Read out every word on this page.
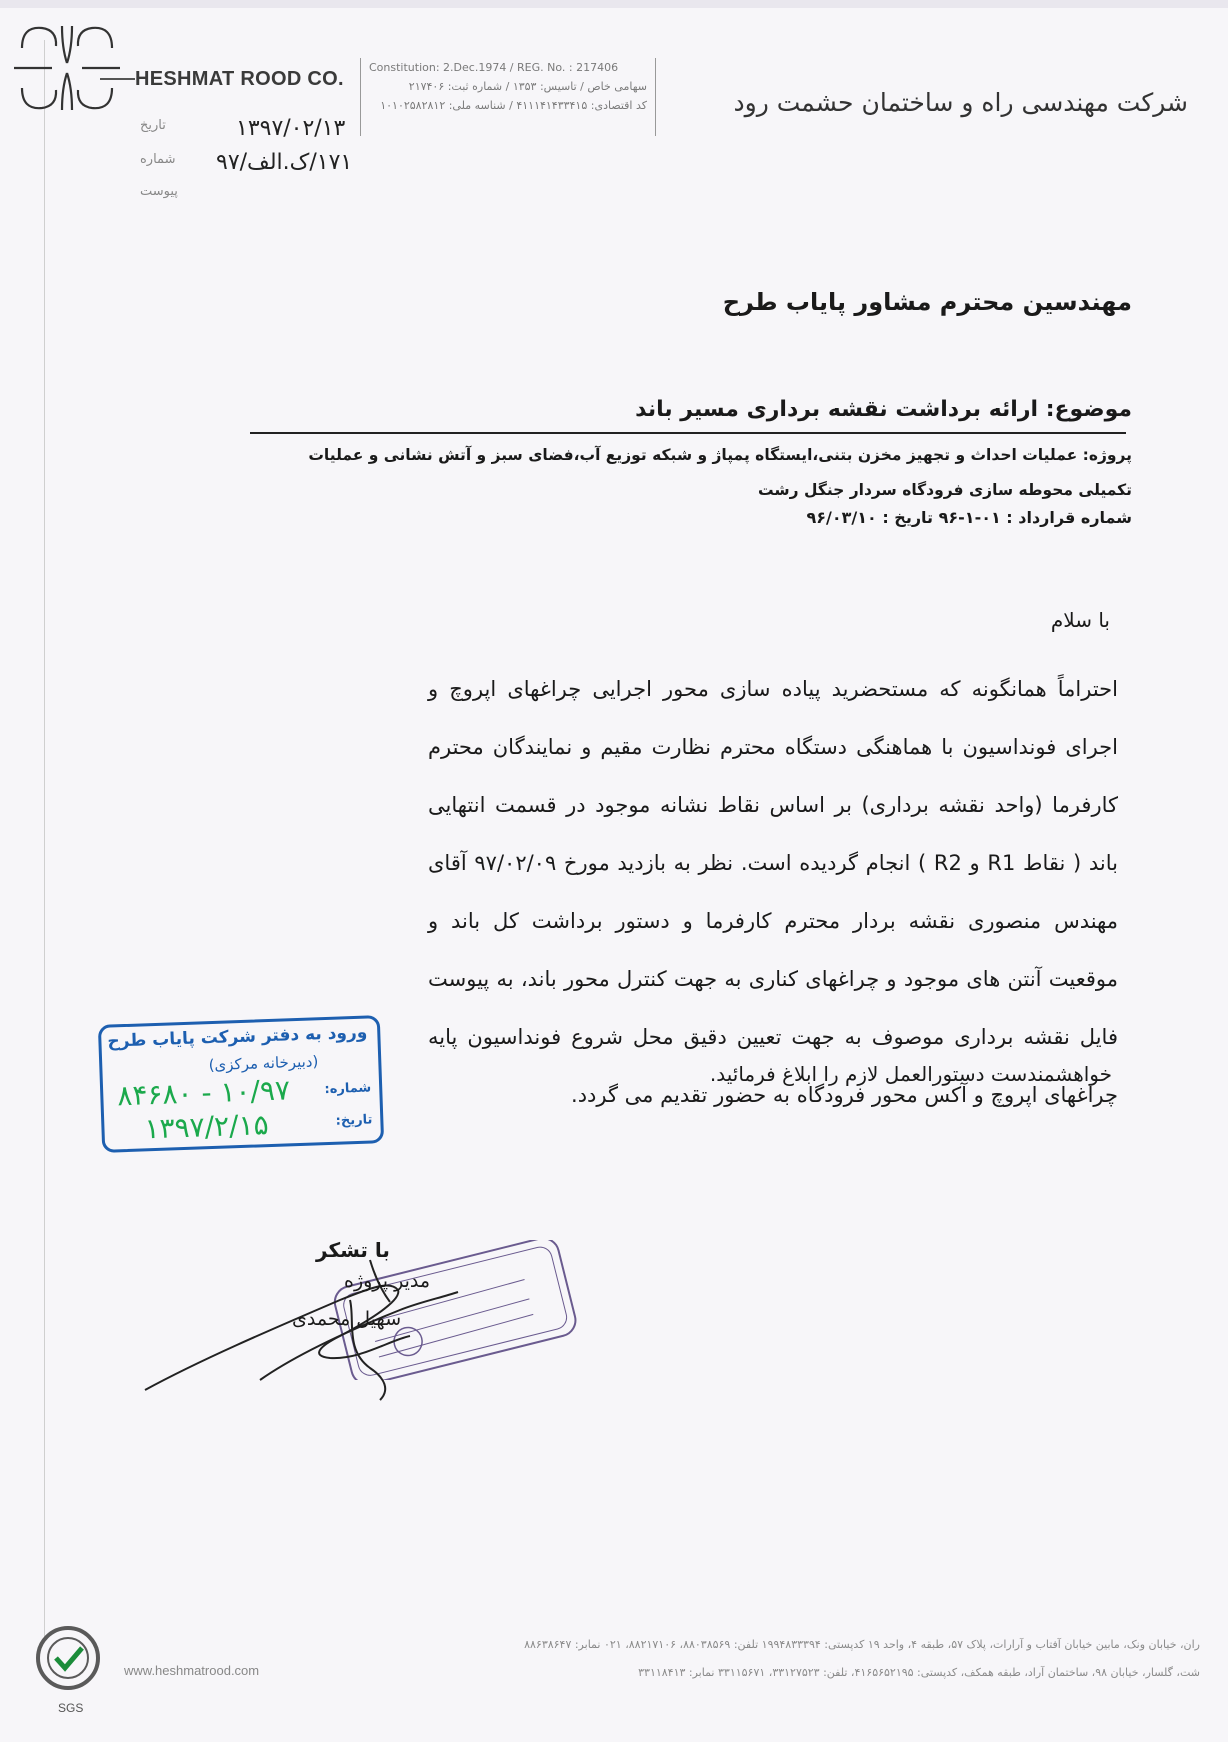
HESHMAT ROOD CO.
Constitution: 2.Dec.1974 / REG. No. : 217406
سهامی خاص / تاسیس: ۱۳۵۳ / شماره ثبت: ۲۱۷۴۰۶
کد اقتصادی: ۴۱۱۱۴۱۴۳۳۴۱۵ / شناسه ملی: ۱۰۱۰۲۵۸۲۸۱۲	شرکت مهندسی راه و ساختمان حشمت رود
تاریخ	۱۳۹۷/۰۲/۱۳
شماره ۱۷۱/ک.الف/۹۷
پیوست
مهندسین محترم مشاور پایاب طرح
موضوع: ارائه برداشت نقشه برداری مسیر باند
پروژه: عملیات احداث و تجهیز مخزن بتنی،ایستگاه پمپاژ و شبکه توزیع آب،فضای سبز و آتش نشانی و عملیات تکمیلی محوطه سازی فرودگاه سردار جنگل رشت
شماره قرارداد : ۰۱-۱-۹۶ تاریخ : ۹۶/۰۳/۱۰
با سلام
احتراماً همانگونه که مستحضرید پیاده سازی محور اجرایی چراغهای اپروچ و اجرای فونداسیون با هماهنگی دستگاه محترم نظارت مقیم و نمایندگان محترم کارفرما (واحد نقشه برداری) بر اساس نقاط نشانه موجود در قسمت انتهایی باند ( نقاط R1 و R2 ) انجام گردیده است. نظر به بازدید مورخ ۹۷/۰۲/۰۹ آقای مهندس منصوری نقشه بردار محترم کارفرما و دستور برداشت کل باند و موقعیت آنتن های موجود و چراغهای کناری به جهت کنترل محور باند، به پیوست فایل نقشه برداری موصوف به جهت تعیین دقیق محل شروع فونداسیون پایه چراغهای اپروچ و آکس محور فرودگاه به حضور تقدیم می گردد.
خواهشمندست دستورالعمل لازم را ابلاغ فرمائید.
ورود به دفتر شرکت پایاب طرح
(دبیرخانه مرکزی)
شماره:
۱۰/۹۷ - ۸۴۶۸۰
تاریخ:
۱۳۹۷/۲/۱۵
با تشکر
مدیر پروژه
سهیل محمدی
SGS
www.heshmatrood.com
ران، خیابان ونک، مابین خیابان آفتاب و آرارات، پلاک ۵۷، طبقه ۴، واحد ۱۹ کدپستی: ۱۹۹۴۸۳۳۳۹۴ تلفن: ۸۸۰۳۸۵۶۹، ۸۸۲۱۷۱۰۶، ۰۲۱ نمابر: ۸۸۶۳۸۶۴۷
شت، گلسار، خیابان ۹۸، ساختمان آراد، طبقه همکف، کدپستی: ۴۱۶۵۶۵۲۱۹۵، تلفن: ۳۳۱۲۷۵۲۳، ۳۳۱۱۵۶۷۱ نمابر: ۳۳۱۱۸۴۱۳
